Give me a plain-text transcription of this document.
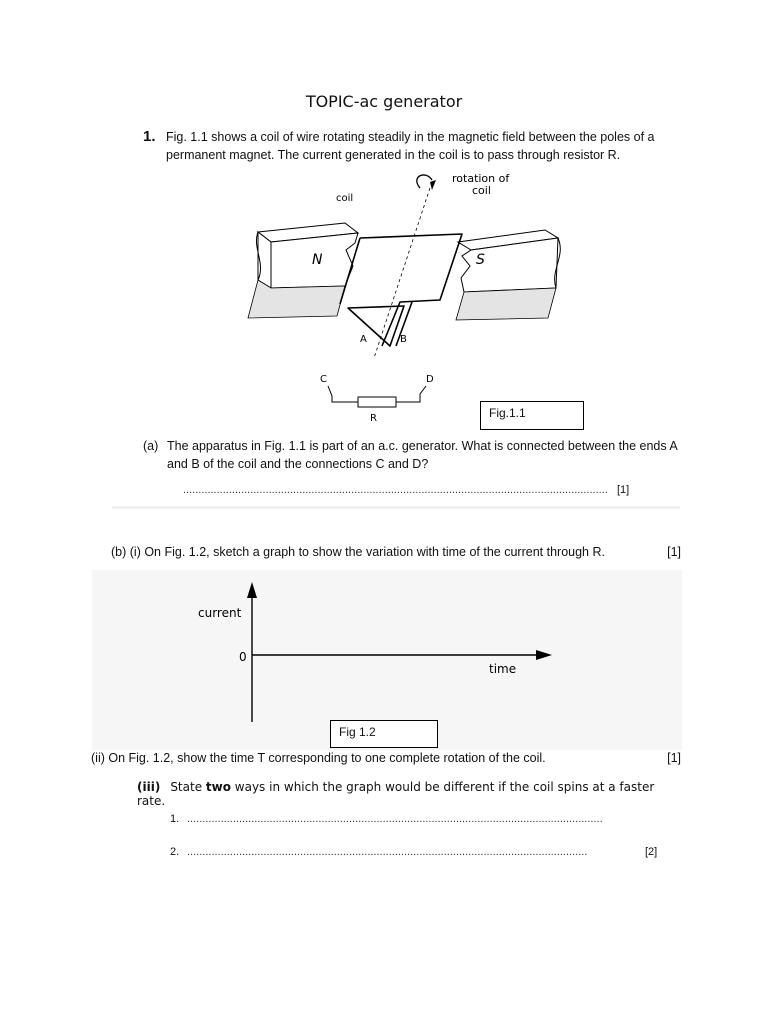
TOPIC-ac generator
1. Fig. 1.1 shows a coil of wire rotating steadily in the magnetic field between the poles of a permanent magnet. The current generated in the coil is to pass through resistor R.
rotation of
coil
coil
N	S
A	B
C	D
R	Fig.1.1
(a) The apparatus in Fig. 1.1 is part of an a.c. generator. What is connected between the ends A and B of the coil and the connections C and D?
........................................................................................................................................... [1]
(b) (i) On Fig. 1.2, sketch a graph to show the variation with time of the current through R.	[1]
current
0
time
Fig 1.2
(ii) On Fig. 1.2, show the time T corresponding to one complete rotation of the coil.	[1]
(iii) State two ways in which the graph would be different if the coil spins at a faster rate.
1. ........................................................................................................................................
2. ...................................................................................................................................	[2]
